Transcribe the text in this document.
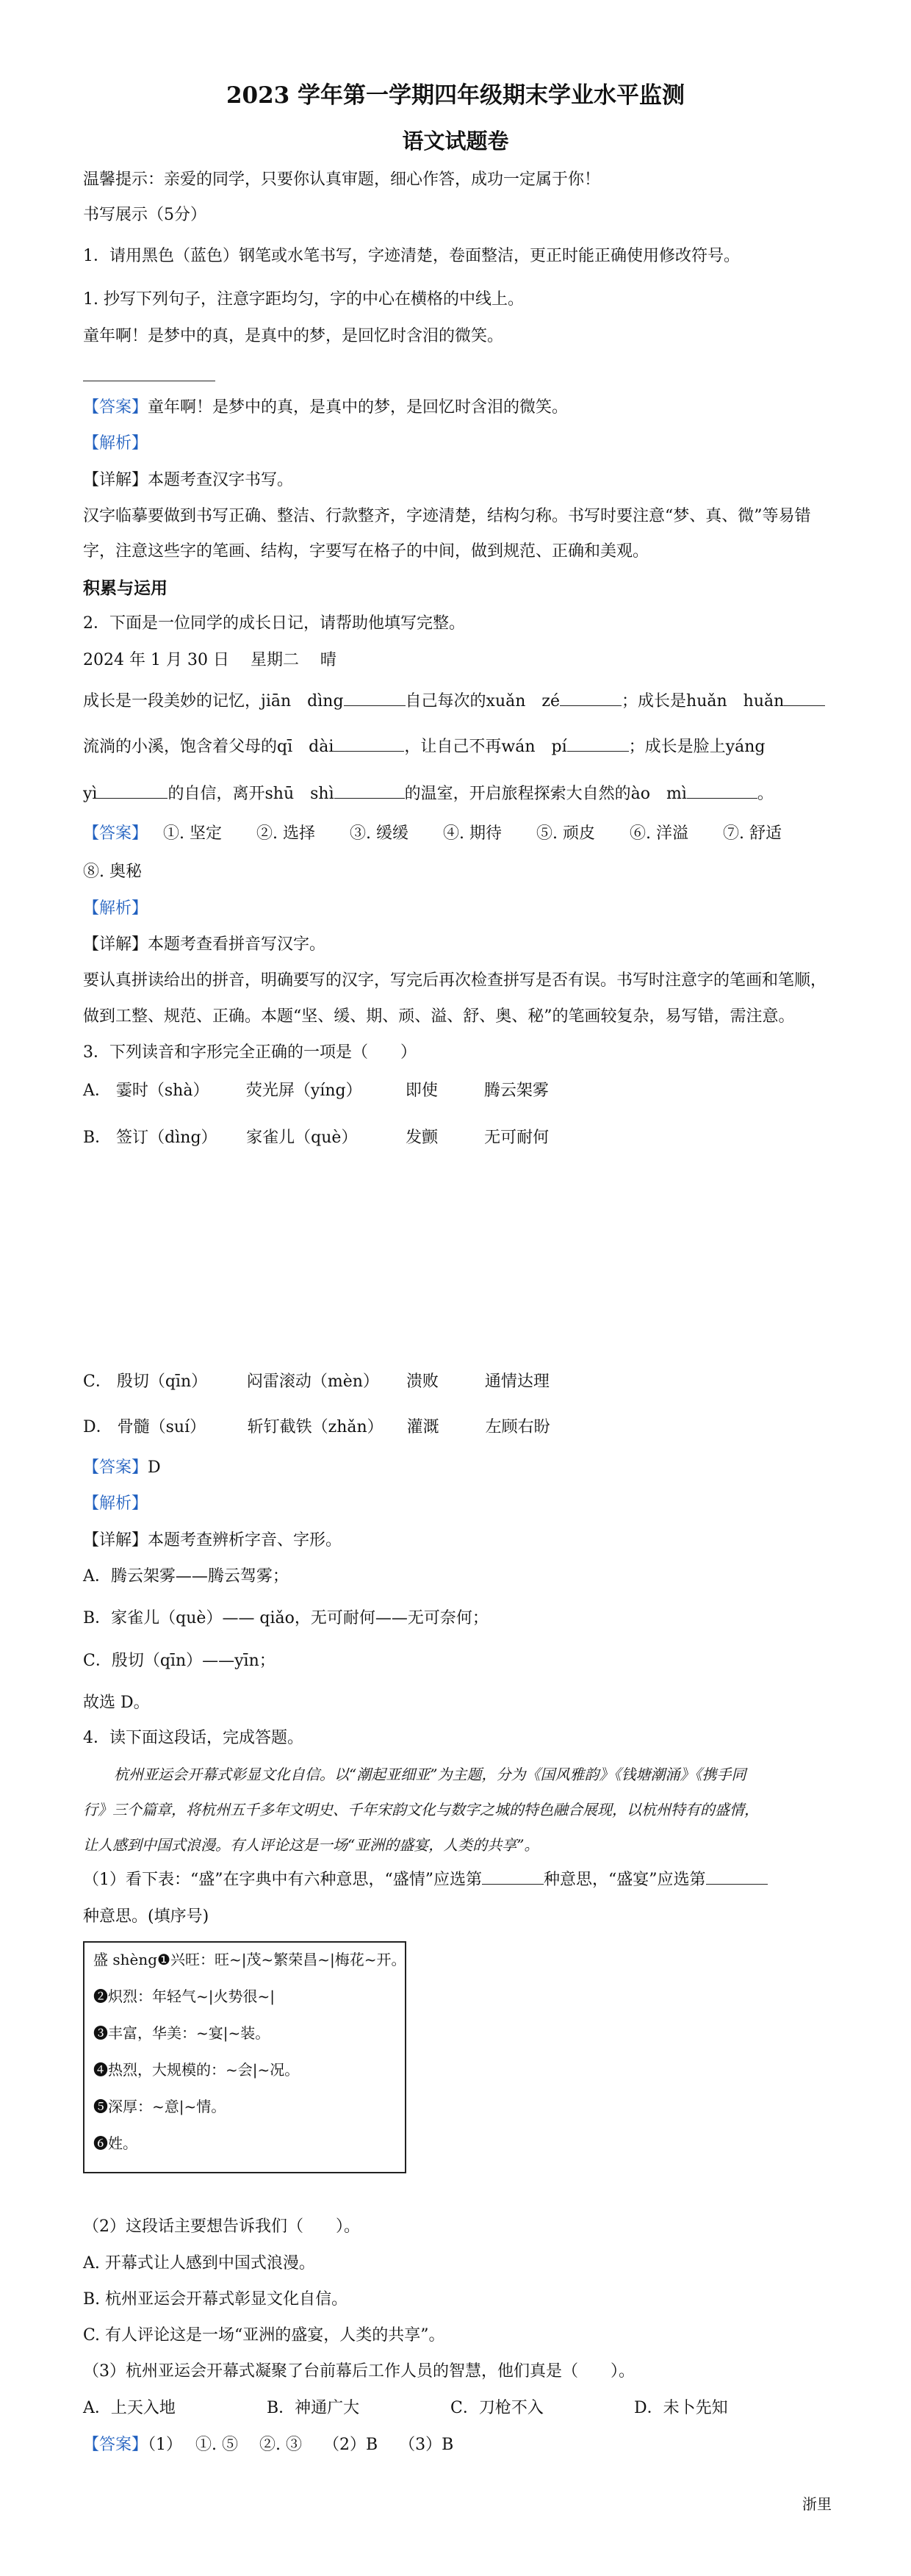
2023 学年第一学期四年级期末学业水平监测
语文试题卷
温馨提示：亲爱的同学，只要你认真审题，细心作答，成功一定属于你！
书写展示（5分）
1．请用黑色（蓝色）钢笔或水笔书写，字迹清楚，卷面整洁，更正时能正确使用修改符号。
1. 抄写下列句子，注意字距均匀，字的中心在横格的中线上。
童年啊！是梦中的真，是真中的梦，是回忆时含泪的微笑。
【答案】童年啊！是梦中的真，是真中的梦，是回忆时含泪的微笑。
【解析】
【详解】本题考查汉字书写。
汉字临摹要做到书写正确、整洁、行款整齐，字迹清楚，结构匀称。书写时要注意“梦、真、微”等易错
字，注意这些字的笔画、结构，字要写在格子的中间，做到规范、正确和美观。
积累与运用
2．下面是一位同学的成长日记，请帮助他填写完整。
2024 年 1 月 30 日　 星期二　 晴
成长是一段美妙的记忆，jiān　dìng	自己每次的xuǎn　zé	；成长是huǎn　huǎn
流淌的小溪，饱含着父母的qī　dài	，让自己不再wán　pí	；成长是脸上yáng
yì	的自信，离开shū　shì	的温室，开启旅程探索大自然的ào　mì	。
【答案】 ①. 坚定 ②. 选择 ③. 缓缓 ④. 期待 ⑤. 顽皮 ⑥. 洋溢 ⑦. 舒适
⑧. 奥秘
【解析】
【详解】本题考查看拼音写汉字。
要认真拼读给出的拼音，明确要写的汉字，写完后再次检查拼写是否有误。书写时注意字的笔画和笔顺，
做到工整、规范、正确。本题“坚、缓、期、顽、溢、舒、奥、秘”的笔画较复杂，易写错，需注意。
3．下列读音和字形完全正确的一项是（　　）
A． 霎时（shà） 荧光屏（yíng）	即使	腾云架雾
B． 签订（dìng） 家雀儿（què）	发颤	无可耐何
C． 殷切（qīn） 闷雷滚动（mèn） 溃败	通情达理
D． 骨髓（suí）	斩钉截铁（zhǎn） 灌溉	左顾右盼
【答案】D
【解析】
【详解】本题考查辨析字音、字形。
A．腾云架雾——腾云驾雾；
B．家雀儿（què）—— qiǎo，无可耐何——无可奈何；
C．殷切（qīn）——yīn；
故选 D。
4．读下面这段话，完成答题。
杭州亚运会开幕式彰显文化自信。以“潮起亚细亚”为主题，分为《国风雅韵》《钱塘潮涌》《携手同
行》三个篇章，将杭州五千多年文明史、千年宋韵文化与数字之城的特色融合展现，以杭州特有的盛情，
让人感到中国式浪漫。有人评论这是一场“亚洲的盛宴，人类的共享”。
（1）看下表：“盛”在字典中有六种意思，“盛情”应选第	种意思，“盛宴”应选第
盛 shèng❶兴旺：旺~|茂~繁荣昌~|梅花~开。
❷炽烈：年轻气~|火势很~|
❸丰富，华美：~宴|~装。
❹热烈，大规模的：~会|~况。
❺深厚：~意|~情。
❻姓。
种意思。(填序号)
（2）这段话主要想告诉我们（　　）。
A. 开幕式让人感到中国式浪漫。
B. 杭州亚运会开幕式彰显文化自信。
C. 有人评论这是一场“亚洲的盛宴，人类的共享”。
（3）杭州亚运会开幕式凝聚了台前幕后工作人员的智慧，他们真是（　　）。
A．上天入地	B．神通广大	C．刀枪不入	D．未卜先知
【答案】（1）　 ①. ⑤　 ②. ③　 （2）B　 （3）B
浙里
